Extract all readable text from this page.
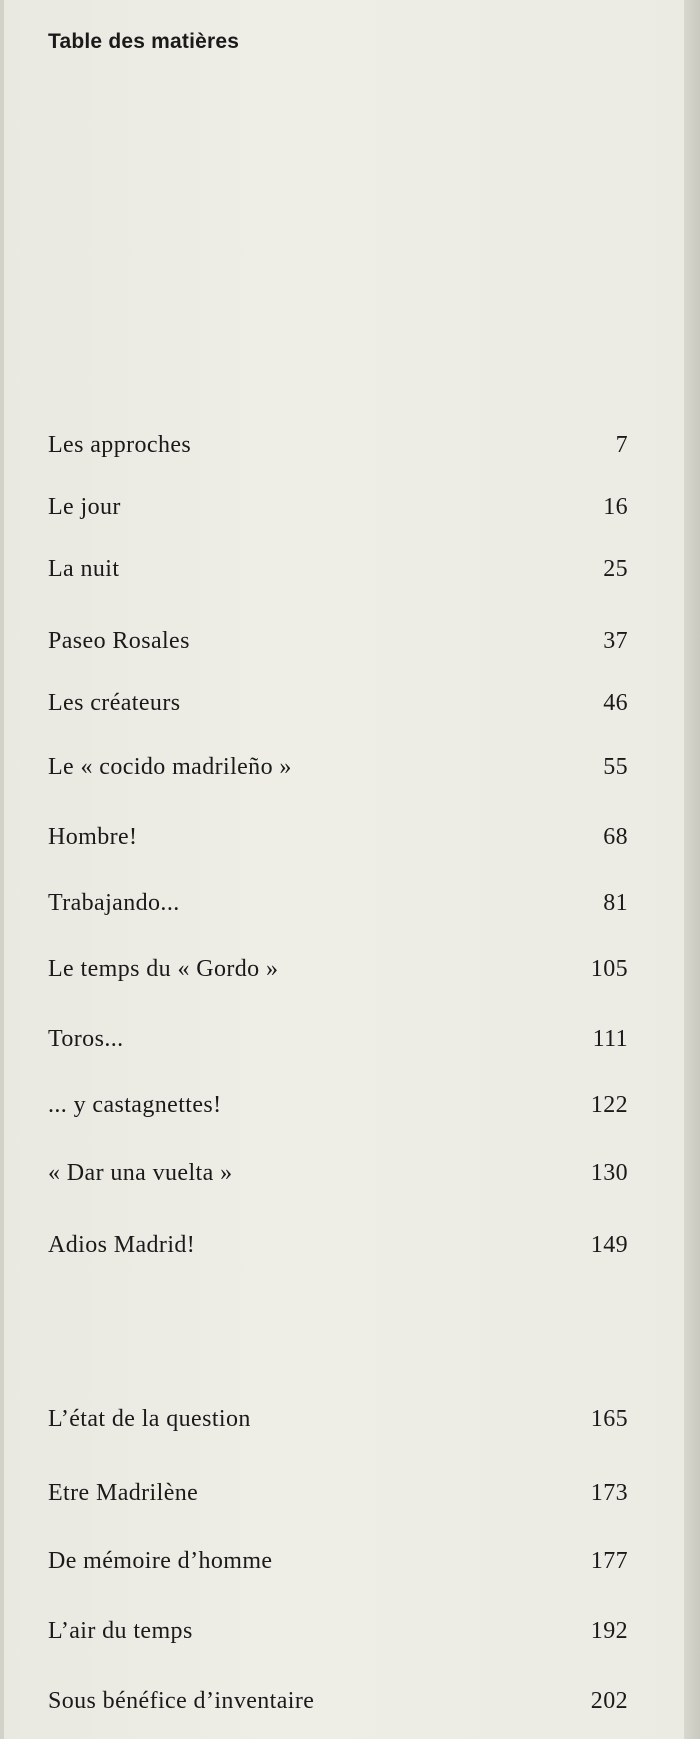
Table des matières
Les approches	7
Le jour	16
La nuit	25
Paseo Rosales	37
Les créateurs	46
Le « cocido madrileño »	55
Hombre!	68
Trabajando...	81
Le temps du « Gordo »	105
Toros...	111
... y castagnettes!	122
« Dar una vuelta »	130
Adios Madrid!	149
L’état de la question	165
Etre Madrilène	173
De mémoire d’homme	177
L’air du temps	192
Sous bénéfice d’inventaire	202
